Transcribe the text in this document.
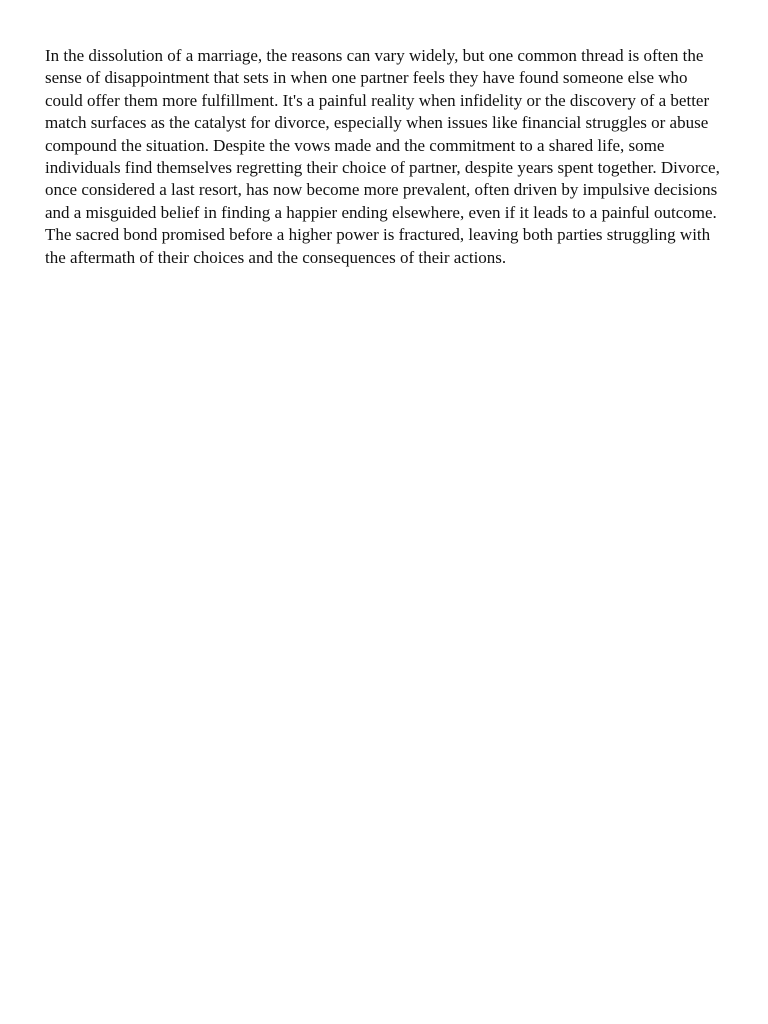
In the dissolution of a marriage, the reasons can vary widely, but one common thread is often the sense of disappointment that sets in when one partner feels they have found someone else who could offer them more fulfillment. It's a painful reality when infidelity or the discovery of a better match surfaces as the catalyst for divorce, especially when issues like financial struggles or abuse compound the situation. Despite the vows made and the commitment to a shared life, some individuals find themselves regretting their choice of partner, despite years spent together. Divorce, once considered a last resort, has now become more prevalent, often driven by impulsive decisions and a misguided belief in finding a happier ending elsewhere, even if it leads to a painful outcome. The sacred bond promised before a higher power is fractured, leaving both parties struggling with the aftermath of their choices and the consequences of their actions.
